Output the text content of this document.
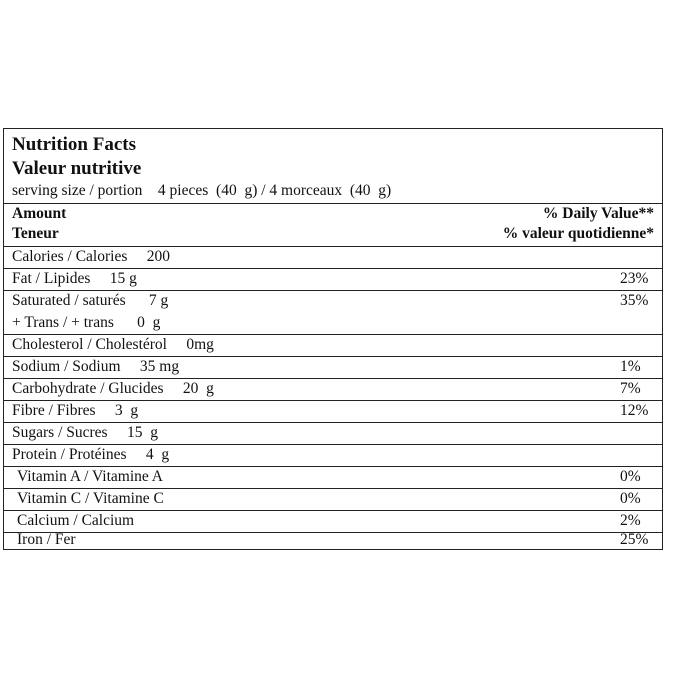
Nutrition Facts
Valeur nutritive
serving size / portion    4 pieces  (40  g) / 4 morceaux  (40  g)
Amount
Teneur
% Daily Value**
% valeur quotidienne*
Calories / Calories     200
Fat / Lipides     15 g	23%
Saturated / saturés      7 g	35%
+ Trans / + trans      0  g
Cholesterol / Cholestérol     0mg
Sodium / Sodium     35 mg	1%
Carbohydrate / Glucides     20  g	7%
Fibre / Fibres     3  g	12%
Sugars / Sucres     15  g
Protein / Protéines     4  g
Vitamin A / Vitamine A	0%
Vitamin C / Vitamine C	0%
Calcium / Calcium	2%
Iron / Fer	25%
